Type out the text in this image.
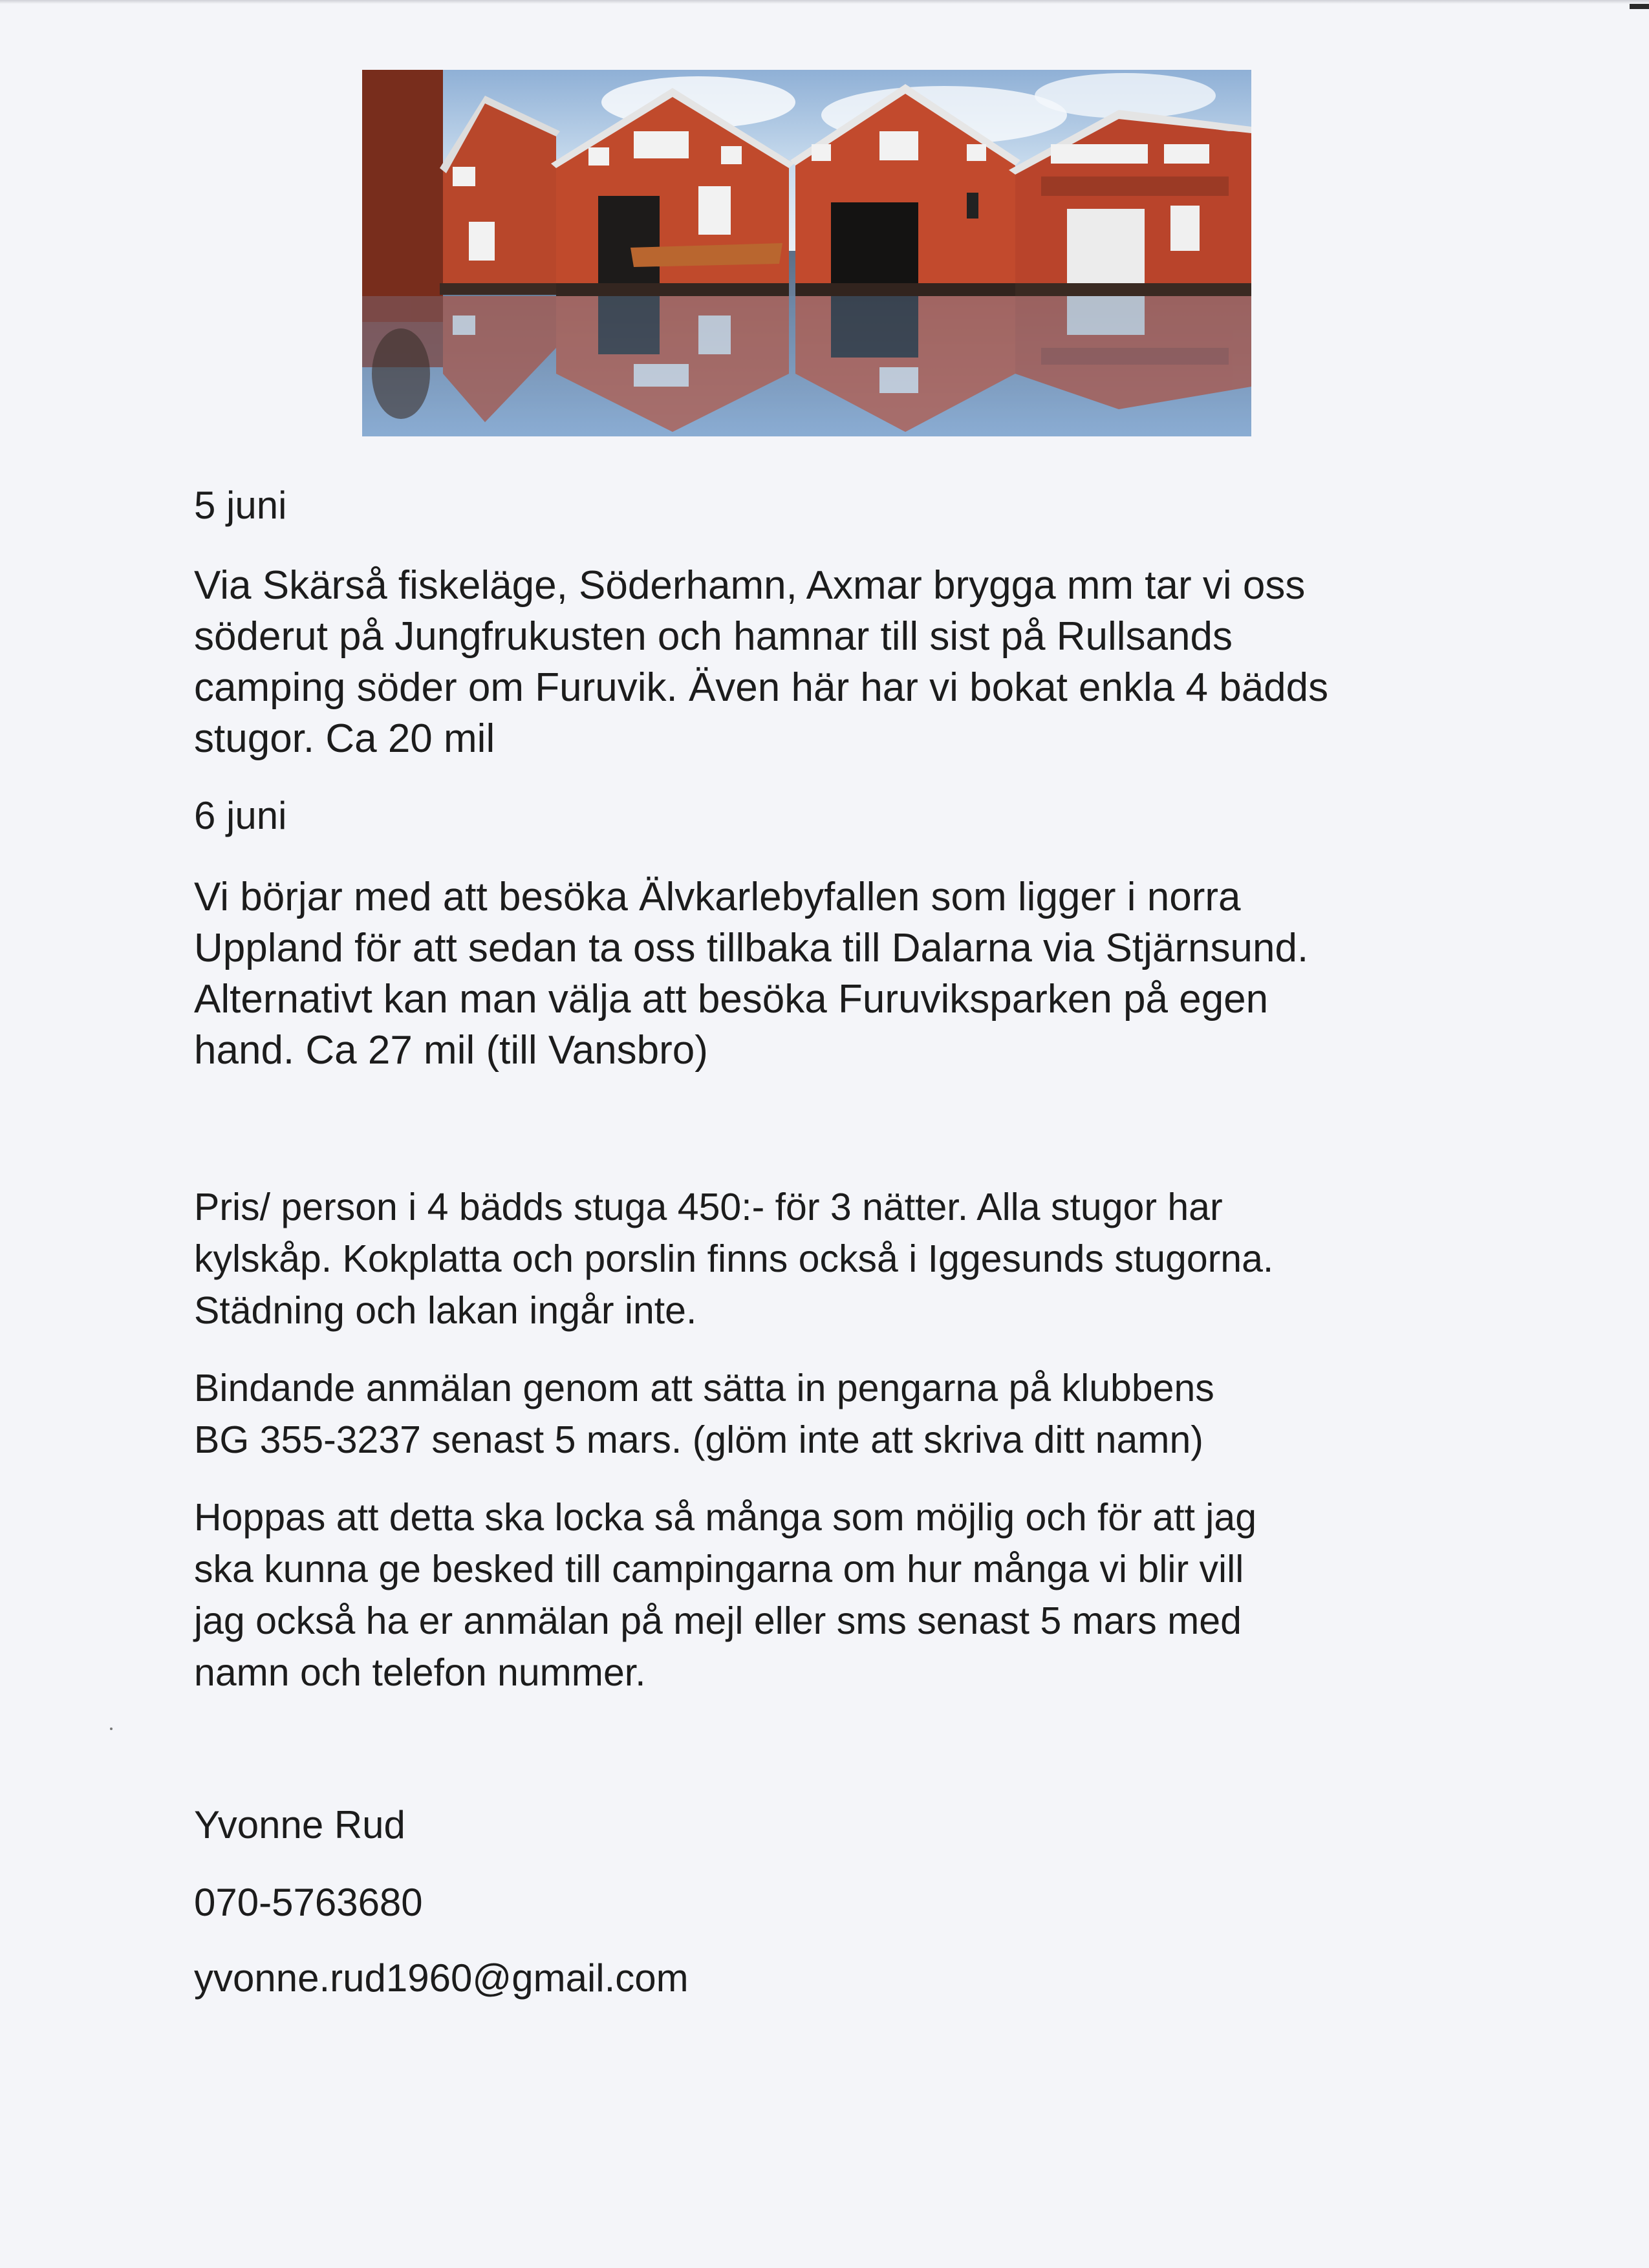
5 juni

Via Skärså fiskeläge, Söderhamn, Axmar brygga mm tar vi oss

söderut på Jungfrukusten och hamnar till sist på Rullsands

camping söder om Furuvik. Även här har vi bokat enkla 4 bädds

stugor. Ca 20 mil

6 juni

Vi börjar med att besöka Älvkarlebyfallen som ligger i norra

Uppland för att sedan ta oss tillbaka till Dalarna via Stjärnsund.

Alternativt kan man välja att besöka Furuviksparken på egen

hand. Ca 27 mil (till Vansbro)

Pris/ person i 4 bädds stuga 450:- för 3 nätter. Alla stugor har

kylskåp. Kokplatta och porslin finns också i Iggesunds stugorna.

Städning och lakan ingår inte.

Bindande anmälan genom att sätta in pengarna på klubbens

BG 355-3237 senast 5 mars. (glöm inte att skriva ditt namn)

Hoppas att detta ska locka så många som möjlig och för att jag

ska kunna ge besked till campingarna om hur många vi blir vill

jag också ha er anmälan på mejl eller sms senast 5 mars med

namn och telefon nummer.

Yvonne Rud

070-5763680

yvonne.rud1960@gmail.com
